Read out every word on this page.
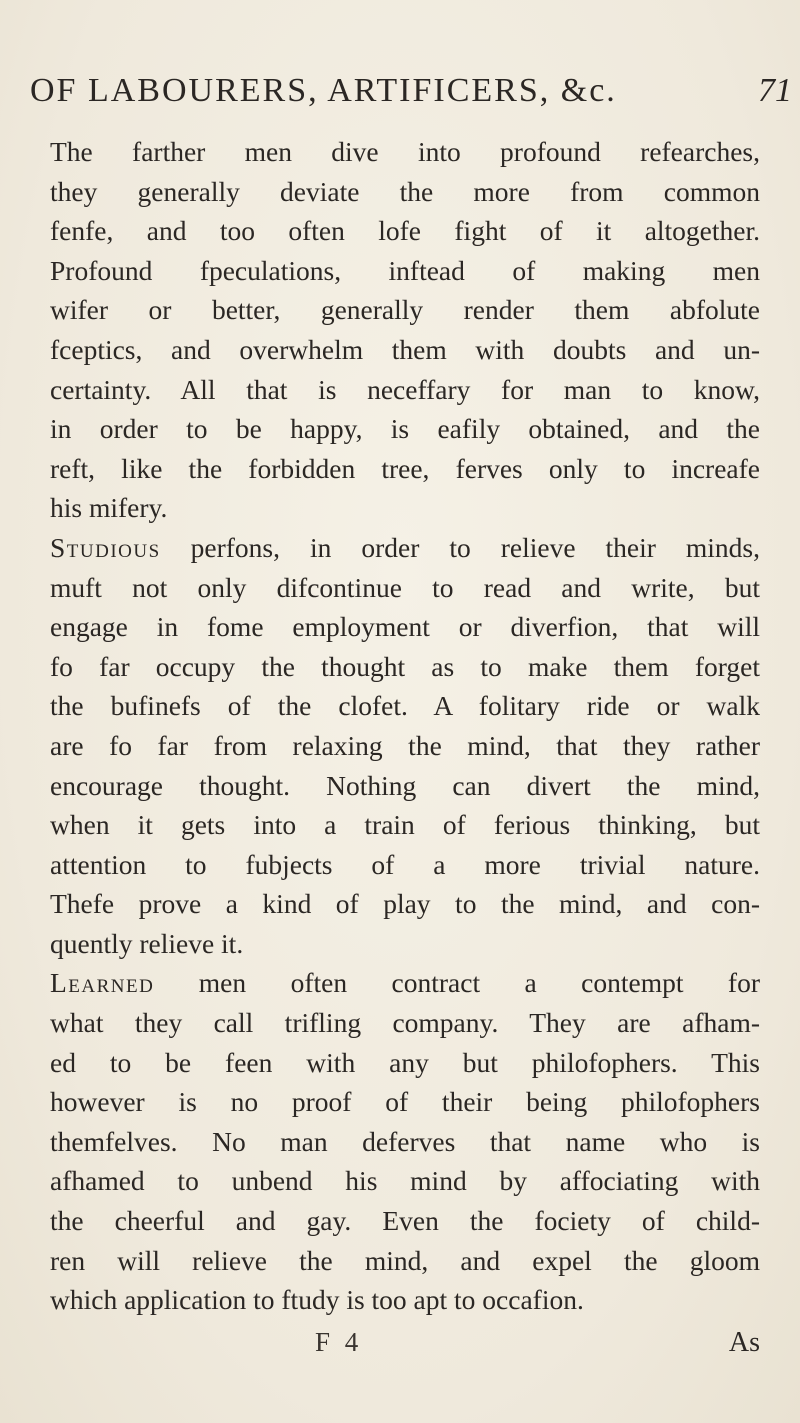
OF LABOURERS, ARTIFICERS, &c.	71
The farther men dive into profound refearches,
they generally deviate the more from common
fenfe, and too often lofe fight of it altogether.
Profound fpeculations, inftead of making men
wifer or better, generally render them abfolute
fceptics, and overwhelm them with doubts and un-
certainty. All that is neceffary for man to know,
in order to be happy, is eafily obtained, and the
reft, like the forbidden tree, ferves only to increafe
his mifery.
Studious perfons, in order to relieve their minds,
muft not only difcontinue to read and write, but
engage in fome employment or diverfion, that will
fo far occupy the thought as to make them forget
the bufinefs of the clofet. A folitary ride or walk
are fo far from relaxing the mind, that they rather
encourage thought. Nothing can divert the mind,
when it gets into a train of ferious thinking, but
attention to fubjects of a more trivial nature.
Thefe prove a kind of play to the mind, and con-
quently relieve it.
Learned men often contract a contempt for
what they call trifling company. They are afham-
ed to be feen with any but philofophers. This
however is no proof of their being philofophers
themfelves. No man deferves that name who is
afhamed to unbend his mind by affociating with
the cheerful and gay. Even the fociety of child-
ren will relieve the mind, and expel the gloom
which application to ftudy is too apt to occafion.
F 4	As
